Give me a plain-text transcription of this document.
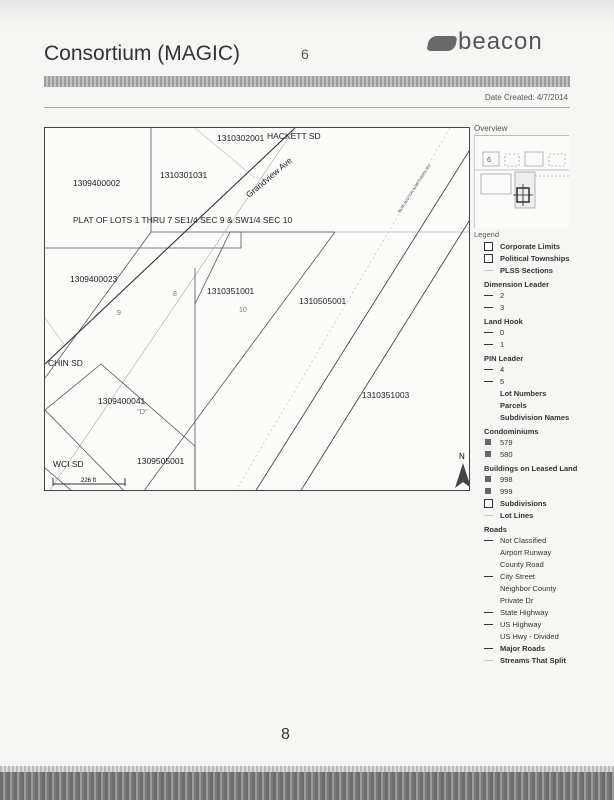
Consortium (MAGIC)	6	beacon
Date Created: 4/7/2014
226 ft
N
1310302001 HACKETT SD
1310301031
1309400002	Grandview Ave
PLAT OF LOTS 1 THRU 7 SE1/4 SEC 9 & SW1/4 SEC 10
1309400023
1310351001
1310505001
10
9
8
CHIN SD
1309400041
"D"
1310351003
1309505001
WCI SD
BURLINGTON NORTHERN RR
Overview
6
Legend
Corporate Limits
Political Townships
PLSS Sections
Dimension Leader
2
3
Land Hook
0
1
PIN Leader
4
5
Lot Numbers
Parcels
Subdivision Names
Condominiums
579
580
Buildings on Leased Land
998
999
Subdivisions
Lot Lines
Roads
Not Classified
Airport Runway
County Road
City Street
Neighbor County
Private Dr
State Highway
US Highway
US Hwy - Divided
Major Roads
Streams That Split
8
